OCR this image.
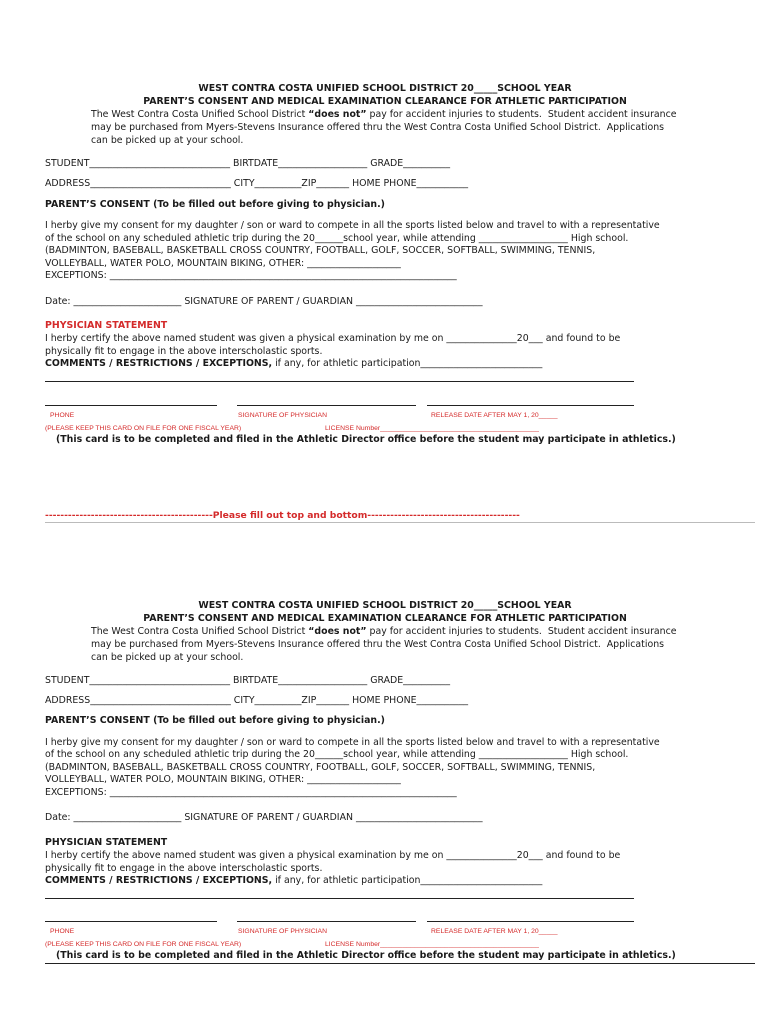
WEST CONTRA COSTA UNIFIED SCHOOL DISTRICT 20_____SCHOOL YEAR
PARENT’S CONSENT AND MEDICAL EXAMINATION CLEARANCE FOR ATHLETIC PARTICIPATION
The West Contra Costa Unified School District “does not” pay for accident injuries to students.  Student accident insurance
may be purchased from Myers-Stevens Insurance offered thru the West Contra Costa Unified School District.  Applications
can be picked up at your school.
STUDENT______________________________ BIRTDATE___________________ GRADE__________
ADDRESS______________________________ CITY__________ZIP_______ HOME PHONE___________
PARENT’S CONSENT (To be filled out before giving to physician.)
I herby give my consent for my daughter / son or ward to compete in all the sports listed below and travel to with a representative
of the school on any scheduled athletic trip during the 20______school year, while attending ___________________ High school.
(BADMINTON, BASEBALL, BASKETBALL CROSS COUNTRY, FOOTBALL, GOLF, SOCCER, SOFTBALL, SWIMMING, TENNIS,
VOLLEYBALL, WATER POLO, MOUNTAIN BIKING, OTHER: ____________________
EXCEPTIONS: __________________________________________________________________________
Date: _______________________ SIGNATURE OF PARENT / GUARDIAN ___________________________
PHYSICIAN STATEMENT
I herby certify the above named student was given a physical examination by me on _______________20___ and found to be
physically fit to engage in the above interscholastic sports.
COMMENTS / RESTRICTIONS / EXCEPTIONS, if any, for athletic participation__________________________
PHONE	SIGNATURE OF PHYSICIAN	RELEASE DATE AFTER MAY 1, 20_____
(PLEASE KEEP THIS CARD ON FILE FOR ONE FISCAL YEAR)	LICENSE Number__________________________________________
(This card is to be completed and filed in the Athletic Director office before the student may participate in athletics.)
--------------------------------------------Please fill out top and bottom----------------------------------------
WEST CONTRA COSTA UNIFIED SCHOOL DISTRICT 20_____SCHOOL YEAR
PARENT’S CONSENT AND MEDICAL EXAMINATION CLEARANCE FOR ATHLETIC PARTICIPATION
The West Contra Costa Unified School District “does not” pay for accident injuries to students.  Student accident insurance
may be purchased from Myers-Stevens Insurance offered thru the West Contra Costa Unified School District.  Applications
can be picked up at your school.
STUDENT______________________________ BIRTDATE___________________ GRADE__________
ADDRESS______________________________ CITY__________ZIP_______ HOME PHONE___________
PARENT’S CONSENT (To be filled out before giving to physician.)
I herby give my consent for my daughter / son or ward to compete in all the sports listed below and travel to with a representative
of the school on any scheduled athletic trip during the 20______school year, while attending ___________________ High school.
(BADMINTON, BASEBALL, BASKETBALL CROSS COUNTRY, FOOTBALL, GOLF, SOCCER, SOFTBALL, SWIMMING, TENNIS,
VOLLEYBALL, WATER POLO, MOUNTAIN BIKING, OTHER: ____________________
EXCEPTIONS: __________________________________________________________________________
Date: _______________________ SIGNATURE OF PARENT / GUARDIAN ___________________________
PHYSICIAN STATEMENT
I herby certify the above named student was given a physical examination by me on _______________20___ and found to be
physically fit to engage in the above interscholastic sports.
COMMENTS / RESTRICTIONS / EXCEPTIONS, if any, for athletic participation__________________________
PHONE	SIGNATURE OF PHYSICIAN	RELEASE DATE AFTER MAY 1, 20_____
(PLEASE KEEP THIS CARD ON FILE FOR ONE FISCAL YEAR)	LICENSE Number__________________________________________
(This card is to be completed and filed in the Athletic Director office before the student may participate in athletics.)
